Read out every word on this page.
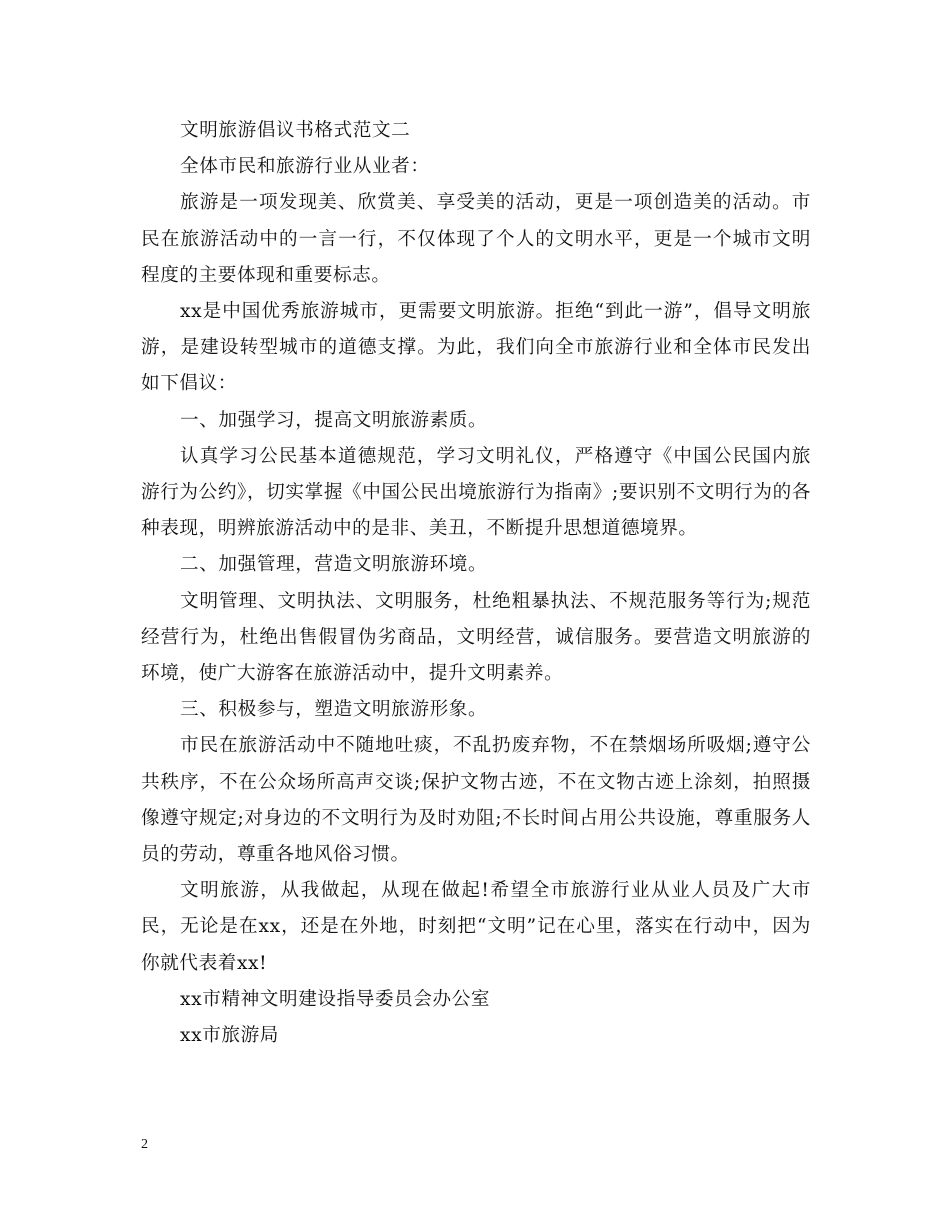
文明旅游倡议书格式范文二

全体市民和旅游行业从业者：

旅游是一项发现美、欣赏美、享受美的活动，更是一项创造美的活动。市民在旅游活动中的一言一行，不仅体现了个人的文明水平，更是一个城市文明程度的主要体现和重要标志。

xx是中国优秀旅游城市，更需要文明旅游。拒绝“到此一游”，倡导文明旅游，是建设转型城市的道德支撑。为此，我们向全市旅游行业和全体市民发出如下倡议：

一、加强学习，提高文明旅游素质。

认真学习公民基本道德规范，学习文明礼仪，严格遵守《中国公民国内旅游行为公约》，切实掌握《中国公民出境旅游行为指南》;要识别不文明行为的各种表现，明辨旅游活动中的是非、美丑，不断提升思想道德境界。

二、加强管理，营造文明旅游环境。

文明管理、文明执法、文明服务，杜绝粗暴执法、不规范服务等行为;规范经营行为，杜绝出售假冒伪劣商品，文明经营，诚信服务。要营造文明旅游的环境，使广大游客在旅游活动中，提升文明素养。

三、积极参与，塑造文明旅游形象。

市民在旅游活动中不随地吐痰，不乱扔废弃物，不在禁烟场所吸烟;遵守公共秩序，不在公众场所高声交谈;保护文物古迹，不在文物古迹上涂刻，拍照摄像遵守规定;对身边的不文明行为及时劝阻;不长时间占用公共设施，尊重服务人员的劳动，尊重各地风俗习惯。

文明旅游，从我做起，从现在做起!希望全市旅游行业从业人员及广大市民，无论是在xx，还是在外地，时刻把“文明”记在心里，落实在行动中，因为你就代表着xx!

xx市精神文明建设指导委员会办公室

xx市旅游局

2
